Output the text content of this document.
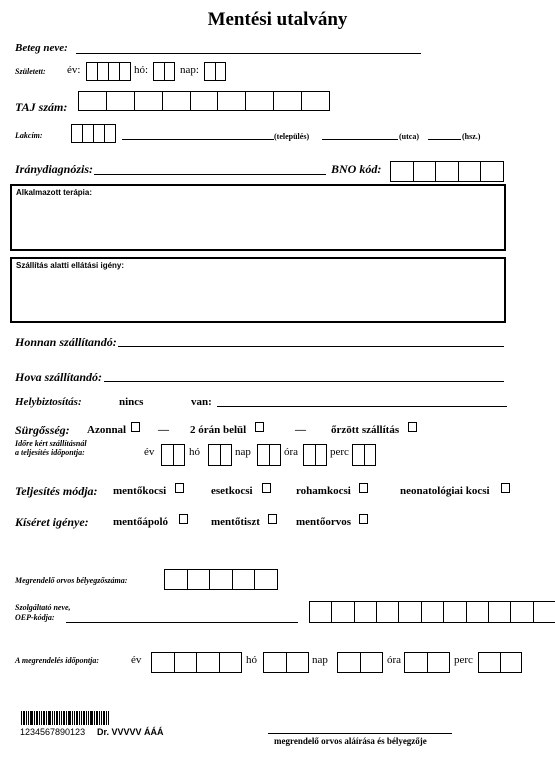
Mentési utalvány
Beteg neve:
Született: év:	hó:	nap:
TAJ szám:
Lakcím:	(település)	(utca)	(hsz.)
Iránydiagnózis:	BNO kód:
Alkalmazott terápia:
Szállítás alatti ellátási igény:
Honnan szállítandó:
Hova szállítandó:
Helybiztosítás:	nincs	van:
Sürgősség: Azonnal	— 2 órán belül	— őrzött szállítás
Időre kért szállításnál
a teljesítés időpontja:	év	hó	nap	óra	perc
Teljesítés módja: mentőkocsi	esetkocsi	rohamkocsi	neonatológiai kocsi
Kíséret igénye: mentőápoló	mentőtiszt	mentőorvos
Megrendelő orvos bélyegzőszáma:
Szolgáltató neve,
OEP-kódja:
A megrendelés időpontja:	év	hó	nap	óra	perc
1234567890123 Dr. VVVVV ÁÁÁ
megrendelő orvos aláírása és bélyegzője
